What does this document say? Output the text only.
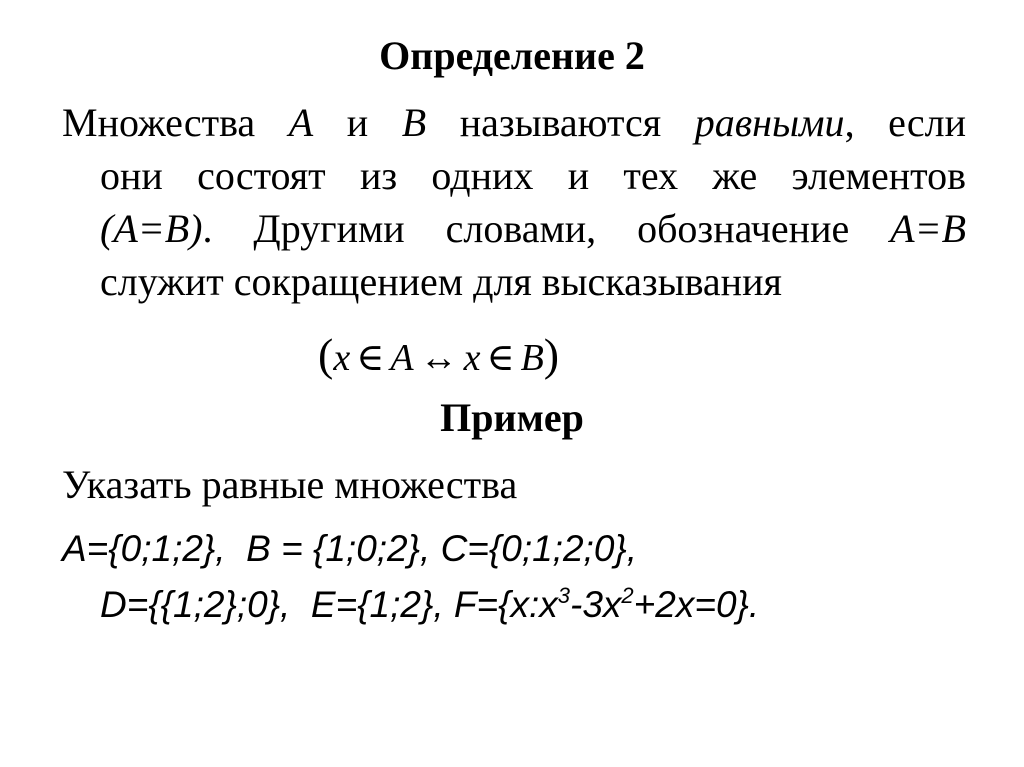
Определение 2
Множества A и B называются равными, если
они состоят из одних и тех же элементов
(A=B). Другими словами, обозначение A=B
служит сокращением для высказывания
(x ∈ A ↔ x ∈ B)
Пример
Указать равные множества
A={0;1;2}, B = {1;0;2}, C={0;1;2;0},
D={{1;2};0}, E={1;2}, $F=\{x:x^3-3x^2+2x=0\}$.
